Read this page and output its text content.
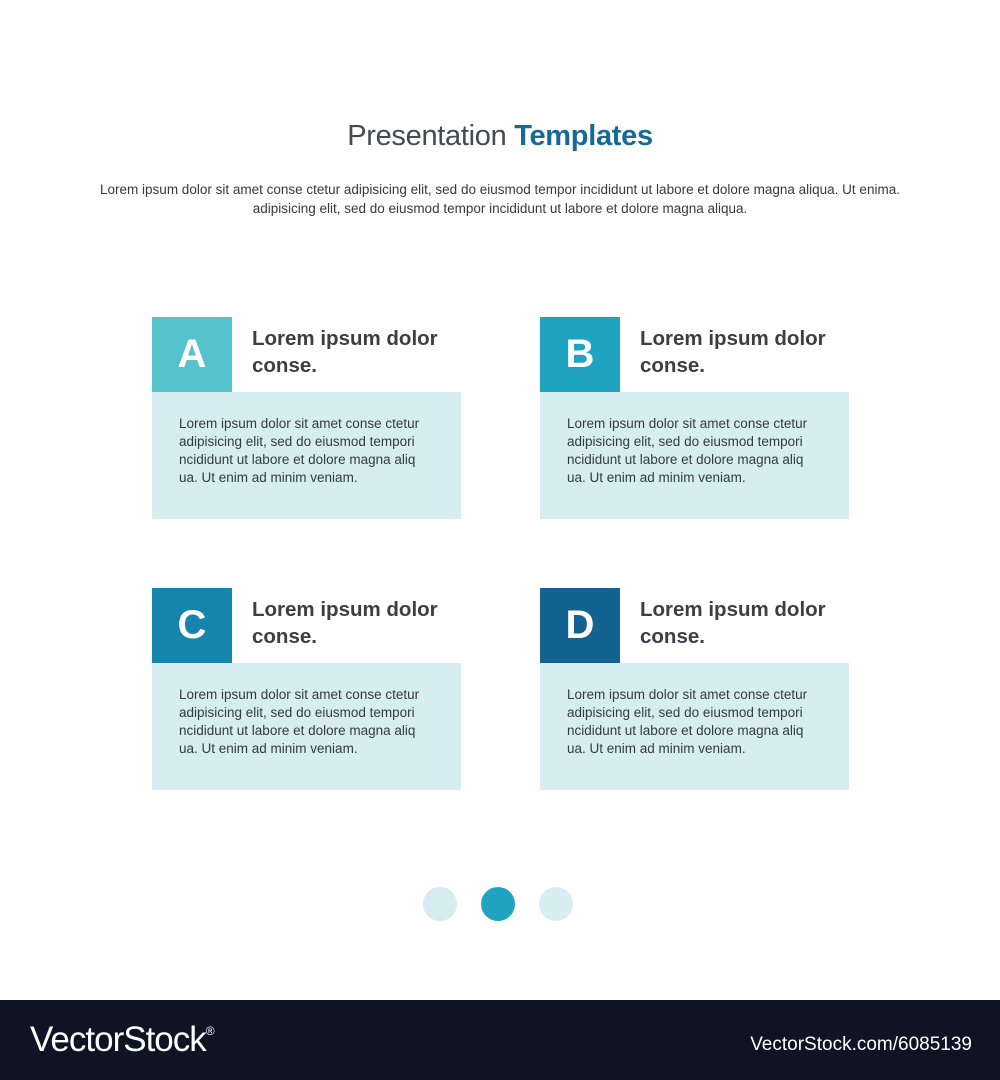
Presentation Templates
Lorem ipsum dolor sit amet conse ctetur adipisicing elit, sed do eiusmod tempor incididunt ut labore et dolore magna aliqua. Ut enima.
adipisicing elit, sed do eiusmod tempor incididunt ut labore et dolore magna aliqua.
A	Lorem ipsum dolor
conse.
Lorem ipsum dolor sit amet conse ctetur
adipisicing elit, sed do eiusmod tempori
ncididunt ut labore et dolore magna aliq
ua. Ut enim ad minim veniam.
B	Lorem ipsum dolor
conse.
Lorem ipsum dolor sit amet conse ctetur
adipisicing elit, sed do eiusmod tempori
ncididunt ut labore et dolore magna aliq
ua. Ut enim ad minim veniam.
C	Lorem ipsum dolor
conse.
Lorem ipsum dolor sit amet conse ctetur
adipisicing elit, sed do eiusmod tempori
ncididunt ut labore et dolore magna aliq
ua. Ut enim ad minim veniam.
D	Lorem ipsum dolor
conse.
Lorem ipsum dolor sit amet conse ctetur
adipisicing elit, sed do eiusmod tempori
ncididunt ut labore et dolore magna aliq
ua. Ut enim ad minim veniam.
VectorStock®
VectorStock.com/6085139
